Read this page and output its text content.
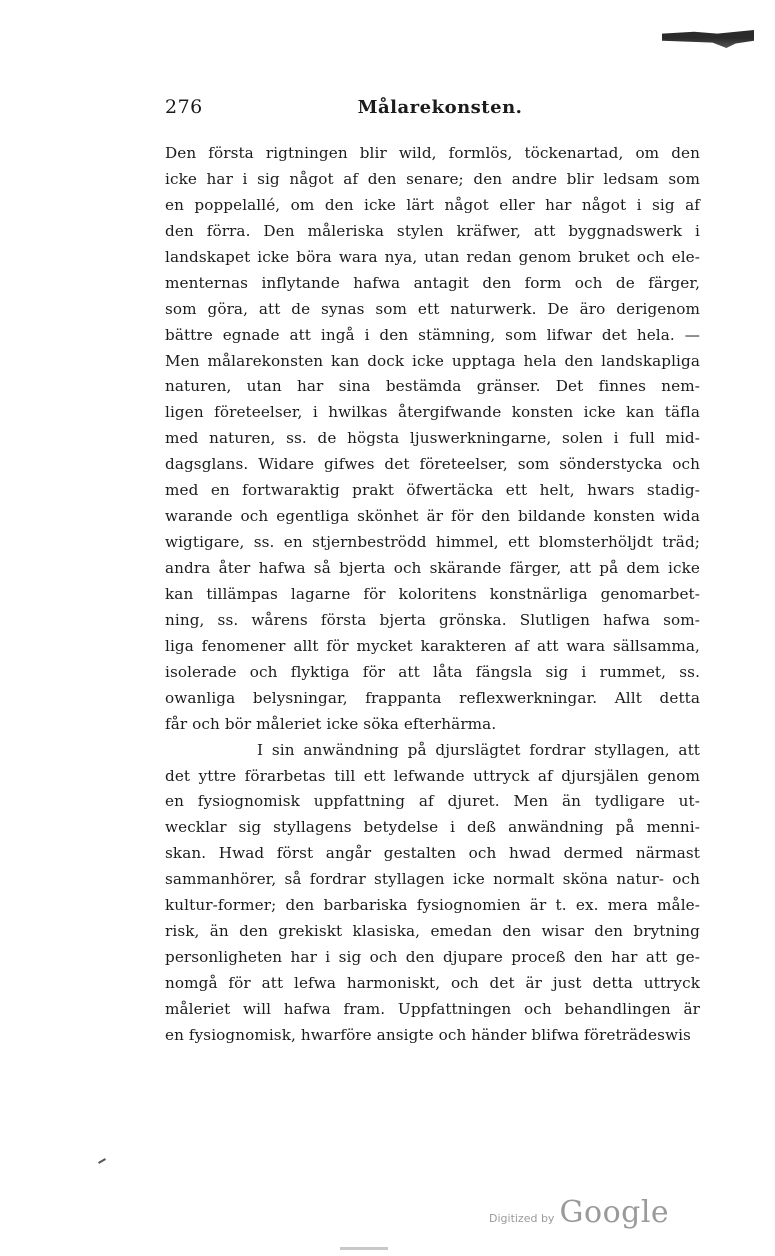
276	Målarekonsten.
Den första rigtningen blir wild, formlös, töckenartad, om den
icke har i sig något af den senare; den andre blir ledsam som
en poppelallé, om den icke lärt något eller har något i sig af
den förra. Den måleriska stylen kräfwer, att byggnadswerk i
landskapet icke böra wara nya, utan redan genom bruket och ele-
menternas inflytande hafwa antagit den form och de färger,
som göra, att de synas som ett naturwerk. De äro derigenom
bättre egnade att ingå i den stämning, som lifwar det hela. —
Men målarekonsten kan dock icke upptaga hela den landskapliga
naturen, utan har sina bestämda gränser. Det finnes nem-
ligen företeelser, i hwilkas återgifwande konsten icke kan täfla
med naturen, ss. de högsta ljuswerkningarne, solen i full mid-
dagsglans. Widare gifwes det företeelser, som sönderstycka och
med en fortwaraktig prakt öfwertäcka ett helt, hwars stadig-
warande och egentliga skönhet är för den bildande konsten wida
wigtigare, ss. en stjernbeströdd himmel, ett blomsterhöljdt träd;
andra åter hafwa så bjerta och skärande färger, att på dem icke
kan tillämpas lagarne för koloritens konstnärliga genomarbet-
ning, ss. wårens första bjerta grönska. Slutligen hafwa som-
liga fenomener allt för mycket karakteren af att wara sällsamma,
isolerade och flyktiga för att låta fängsla sig i rummet, ss.
owanliga belysningar, frappanta reflexwerkningar. Allt detta
får och bör måleriet icke söka efterhärma.
I sin anwändning på djurslägtet fordrar styllagen, att
det yttre förarbetas till ett lefwande uttryck af djursjälen genom
en fysiognomisk uppfattning af djuret. Men än tydligare ut-
wecklar sig styllagens betydelse i deß anwändning på menni-
skan. Hwad först angår gestalten och hwad dermed närmast
sammanhörer, så fordrar styllagen icke normalt sköna natur- och
kultur-former; den barbariska fysiognomien är t. ex. mera måle-
risk, än den grekiskt klasiska, emedan den wisar den brytning
personligheten har i sig och den djupare proceß den har att ge-
nomgå för att lefwa harmoniskt, och det är just detta uttryck
måleriet will hafwa fram. Uppfattningen och behandlingen är
en fysiognomisk, hwarföre ansigte och händer blifwa företrädeswis
Digitized by Google
